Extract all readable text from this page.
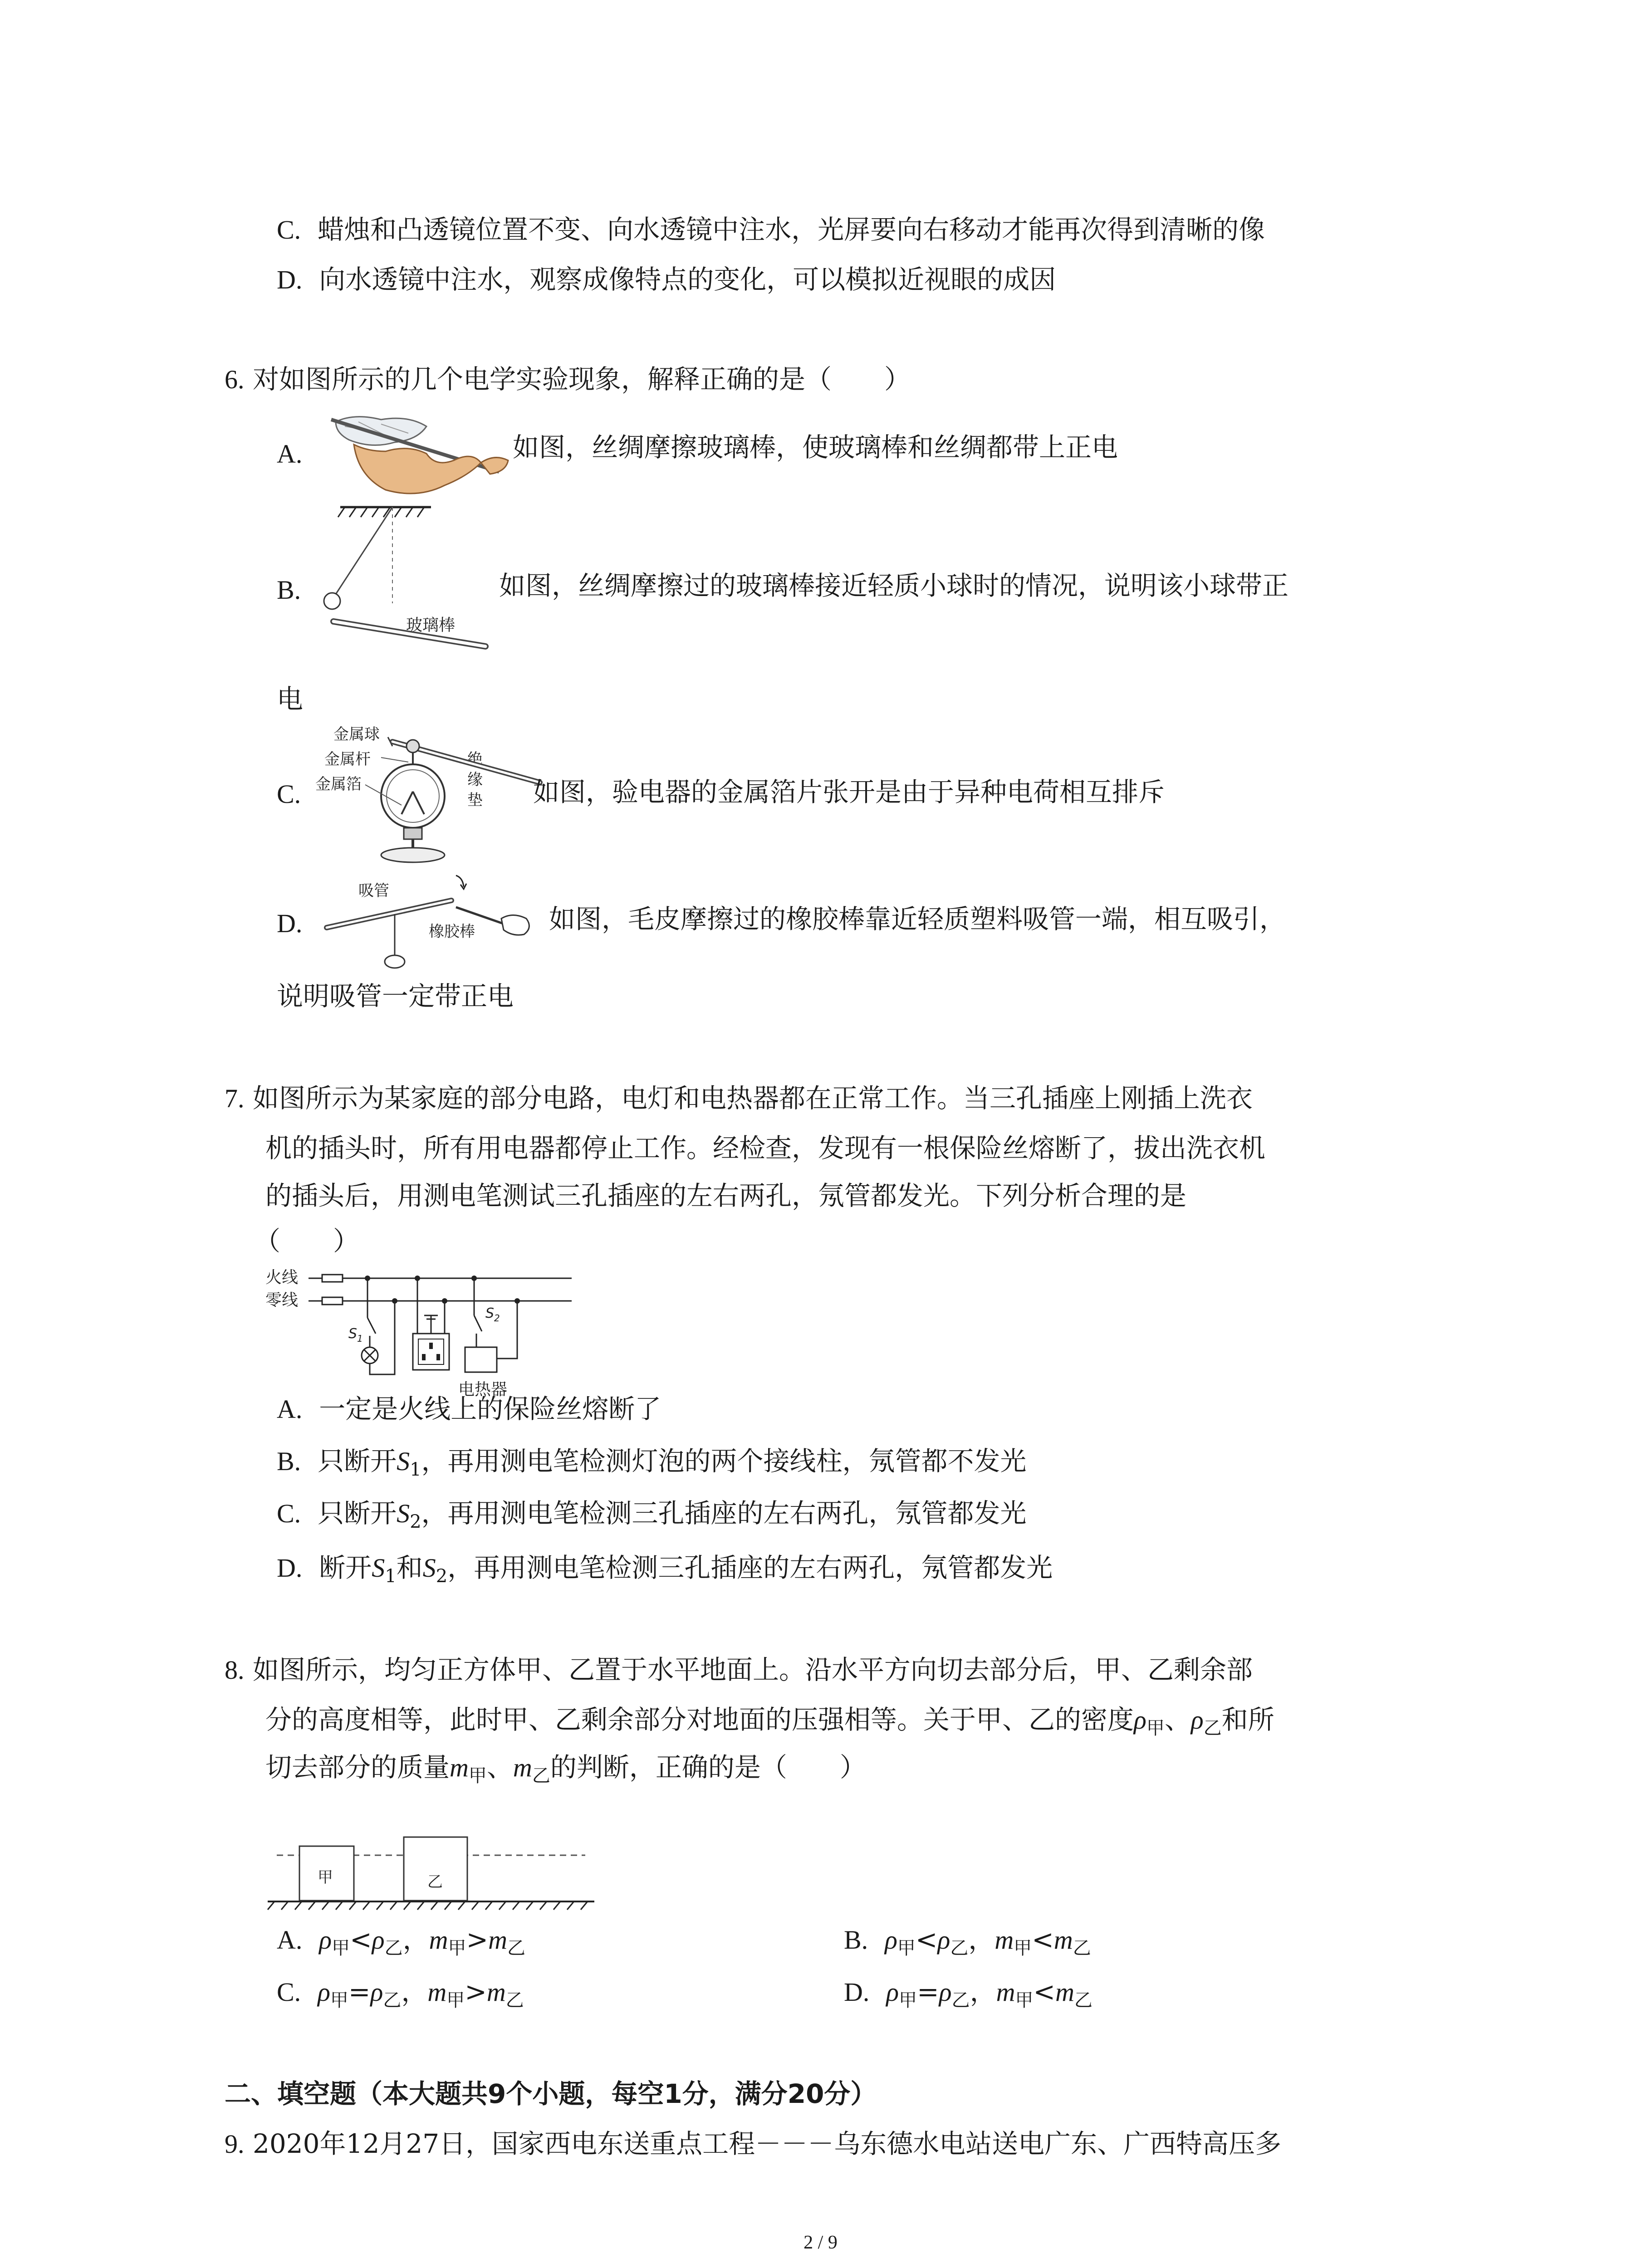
C. 蜡烛和凸透镜位置不变、向水透镜中注水，光屏要向右移动才能再次得到清晰的像
D. 向水透镜中注水，观察成像特点的变化，可以模拟近视眼的成因
6. 对如图所示的几个电学实验现象，解释正确的是（　　）
A.	如图，丝绸摩擦玻璃棒，使玻璃棒和丝绸都带上正电
B.
玻璃棒
如图，丝绸摩擦过的玻璃棒接近轻质小球时的情况，说明该小球带正
电
C.
金属球
金属杆
金属箔
绝
缘
垫 如图，验电器的金属箔片张开是由于异种电荷相互排斥
D.
吸管
橡胶棒	如图，毛皮摩擦过的橡胶棒靠近轻质塑料吸管一端，相互吸引，
说明吸管一定带正电
7. 如图所示为某家庭的部分电路，电灯和电热器都在正常工作。当三孔插座上刚插上洗衣
机的插头时，所有用电器都停止工作。经检查，发现有一根保险丝熔断了，拔出洗衣机
的插头后，用测电笔测试三孔插座的左右两孔，氖管都发光。下列分析合理的是
（　　）
火线
零线
$S_1$
$S_2$
电热器
A. 一定是火线上的保险丝熔断了
B. 只断开$S_1$，再用测电笔检测灯泡的两个接线柱，氖管都不发光
C. 只断开$S_2$，再用测电笔检测三孔插座的左右两孔，氖管都发光
D. 断开$S_1$和$S_2$，再用测电笔检测三孔插座的左右两孔，氖管都发光
8. 如图所示，均匀正方体甲、乙置于水平地面上。沿水平方向切去部分后，甲、乙剩余部
分的高度相等，此时甲、乙剩余部分对地面的压强相等。关于甲、乙的密度$\rho_甲$、$\rho_乙$和所
切去部分的质量$m_甲$、$m_乙$的判断，正确的是（　　）
甲	乙
A. $\rho_甲<\rho_乙$，$m_甲>m_乙$	B. $\rho_甲<\rho_乙$，$m_甲<m_乙$
C. $\rho_甲=\rho_乙$，$m_甲>m_乙$	D. $\rho_甲=\rho_乙$，$m_甲<m_乙$
二、填空题（本大题共9个小题，每空1分，满分20分）
9. 2020年12月27日，国家西电东送重点工程－－－乌东德水电站送电广东、广西特高压多
2 / 9
